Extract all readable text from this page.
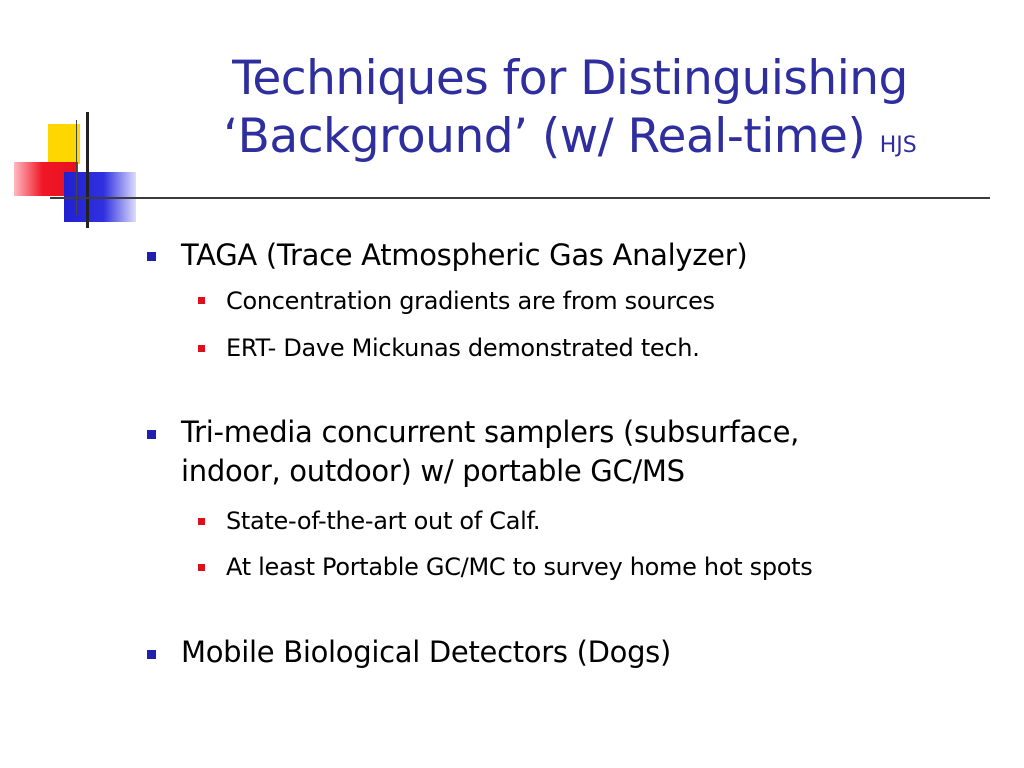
Techniques for Distinguishing
‘Background’ (w/ Real-time) HJS
TAGA (Trace Atmospheric Gas Analyzer)
Concentration gradients are from sources
ERT- Dave Mickunas demonstrated tech.
Tri-media concurrent samplers (subsurface,
indoor, outdoor) w/ portable GC/MS
State-of-the-art out of Calf.
At least Portable GC/MC to survey home hot spots
Mobile Biological Detectors (Dogs)
